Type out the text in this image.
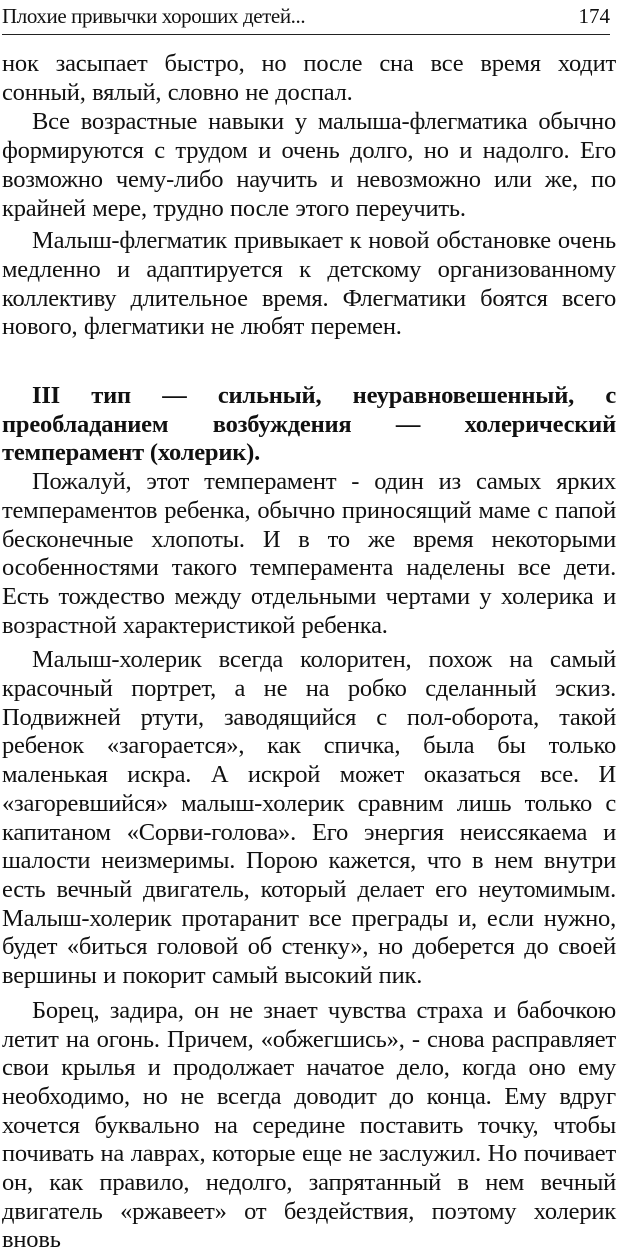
Плохие привычки хороших детей...	174

нок засыпает быстро, но после сна все время ходит сонный, вялый, словно не доспал.

Все возрастные навыки у малыша-флегматика обычно формируются с трудом и очень долго, но и надолго. Его возможно чему-либо научить и невозможно или же, по крайней мере, трудно после этого переучить.

Малыш-флегматик привыкает к новой обстановке очень медленно и адаптируется к детскому организованному коллективу длительное время. Флегматики боятся всего нового, флегматики не любят перемен.

III тип — сильный, неуравновешенный, с преобладанием возбуждения — холерический темперамент (холерик).

Пожалуй, этот темперамент - один из самых ярких темпераментов ребенка, обычно приносящий маме с папой бесконечные хлопоты. И в то же время некоторыми особенностями такого темперамента наделены все дети. Есть тождество между отдельными чертами у холерика и возрастной характеристикой ребенка.

Малыш-холерик всегда колоритен, похож на самый красочный портрет, а не на робко сделанный эскиз. Подвижней ртути, заводящийся с пол-оборота, такой ребенок «загорается», как спичка, была бы только маленькая искра. А искрой может оказаться все. И «загоревшийся» малыш-холерик сравним лишь только с капитаном «Сорви-голова». Его энергия неиссякаема и шалости неизмеримы. Порою кажется, что в нем внутри есть вечный двигатель, который делает его неутомимым. Малыш-холерик протаранит все преграды и, если нужно, будет «биться головой об стенку», но доберется до своей вершины и покорит самый высокий пик.

Борец, задира, он не знает чувства страха и бабочкою летит на огонь. Причем, «обжегшись», - снова расправляет свои крылья и продолжает начатое дело, когда оно ему необходимо, но не всегда доводит до конца. Ему вдруг хочется буквально на середине поставить точку, чтобы почивать на лаврах, которые еще не заслужил. Но почивает он, как правило, недолго, запрятанный в нем вечный двигатель «ржавеет» от бездействия, поэтому холерик вновь
